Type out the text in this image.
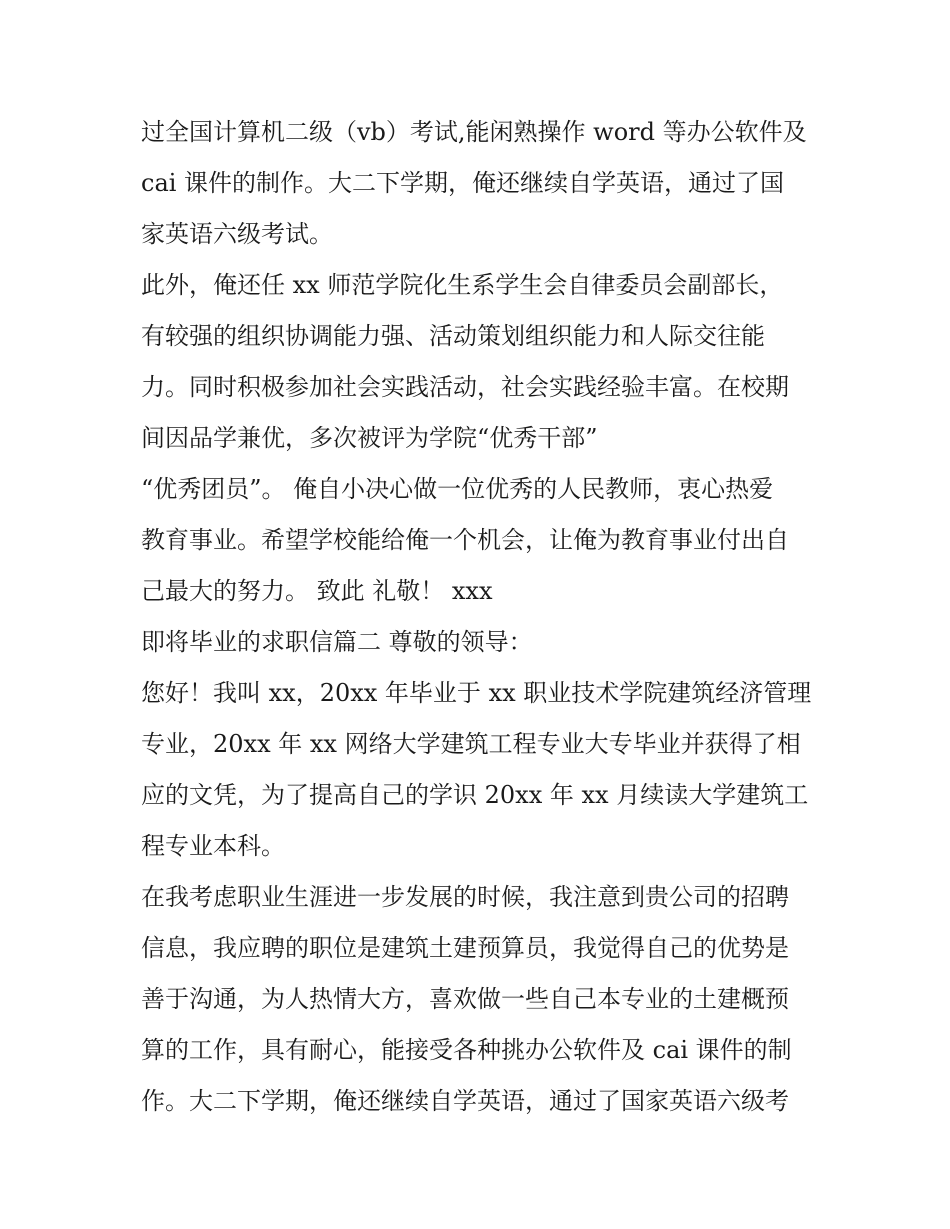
过全国计算机二级（vb）考试,能闲熟操作 word 等办公软件及
cai 课件的制作。大二下学期，俺还继续自学英语，通过了国
家英语六级考试。
此外，俺还任 xx 师范学院化生系学生会自律委员会副部长，
有较强的组织协调能力强、活动策划组织能力和人际交往能
力。同时积极参加社会实践活动，社会实践经验丰富。在校期
间因品学兼优，多次被评为学院“优秀干部”
“优秀团员”。 俺自小决心做一位优秀的人民教师，衷心热爱
教育事业。希望学校能给俺一个机会，让俺为教育事业付出自
己最大的努力。 致此 礼敬！ xxx
即将毕业的求职信篇二 尊敬的领导：
您好！我叫 xx，20xx 年毕业于 xx 职业技术学院建筑经济管理
专业，20xx 年 xx 网络大学建筑工程专业大专毕业并获得了相
应的文凭，为了提高自己的学识 20xx 年 xx 月续读大学建筑工
程专业本科。
在我考虑职业生涯进一步发展的时候，我注意到贵公司的招聘
信息，我应聘的职位是建筑土建预算员，我觉得自己的优势是
善于沟通，为人热情大方，喜欢做一些自己本专业的土建概预
算的工作，具有耐心，能接受各种挑办公软件及 cai 课件的制
作。大二下学期，俺还继续自学英语，通过了国家英语六级考
